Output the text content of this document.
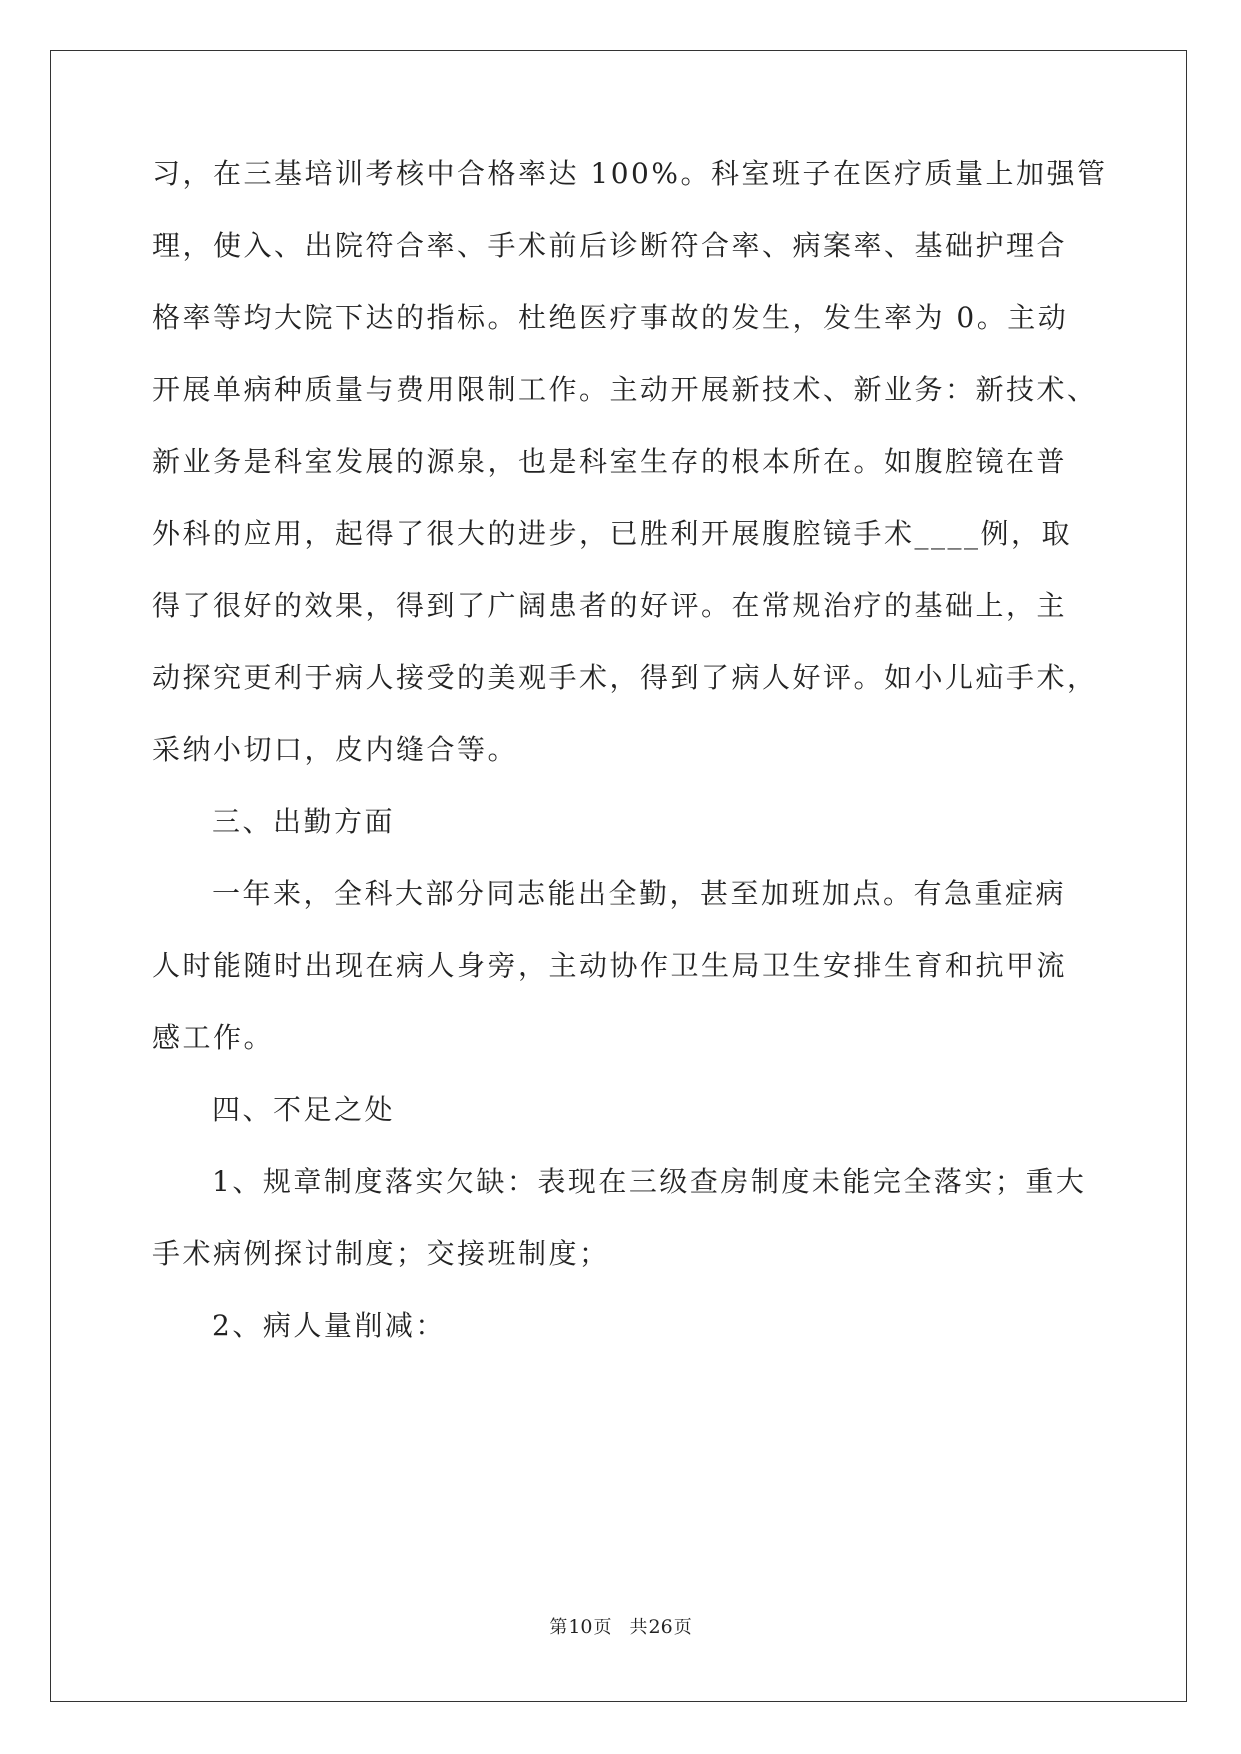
习，在三基培训考核中合格率达 100%。科室班子在医疗质量上加强管
理，使入、出院符合率、手术前后诊断符合率、病案率、基础护理合
格率等均大院下达的指标。杜绝医疗事故的发生，发生率为 0。主动
开展单病种质量与费用限制工作。主动开展新技术、新业务：新技术、
新业务是科室发展的源泉，也是科室生存的根本所在。如腹腔镜在普
外科的应用，起得了很大的进步，已胜利开展腹腔镜手术____例，取
得了很好的效果，得到了广阔患者的好评。在常规治疗的基础上，主
动探究更利于病人接受的美观手术，得到了病人好评。如小儿疝手术，
采纳小切口，皮内缝合等。
三、出勤方面
一年来，全科大部分同志能出全勤，甚至加班加点。有急重症病
人时能随时出现在病人身旁，主动协作卫生局卫生安排生育和抗甲流
感工作。
四、不足之处
1、规章制度落实欠缺：表现在三级查房制度未能完全落实；重大
手术病例探讨制度；交接班制度；
2、病人量削减：
第10页 共26页
